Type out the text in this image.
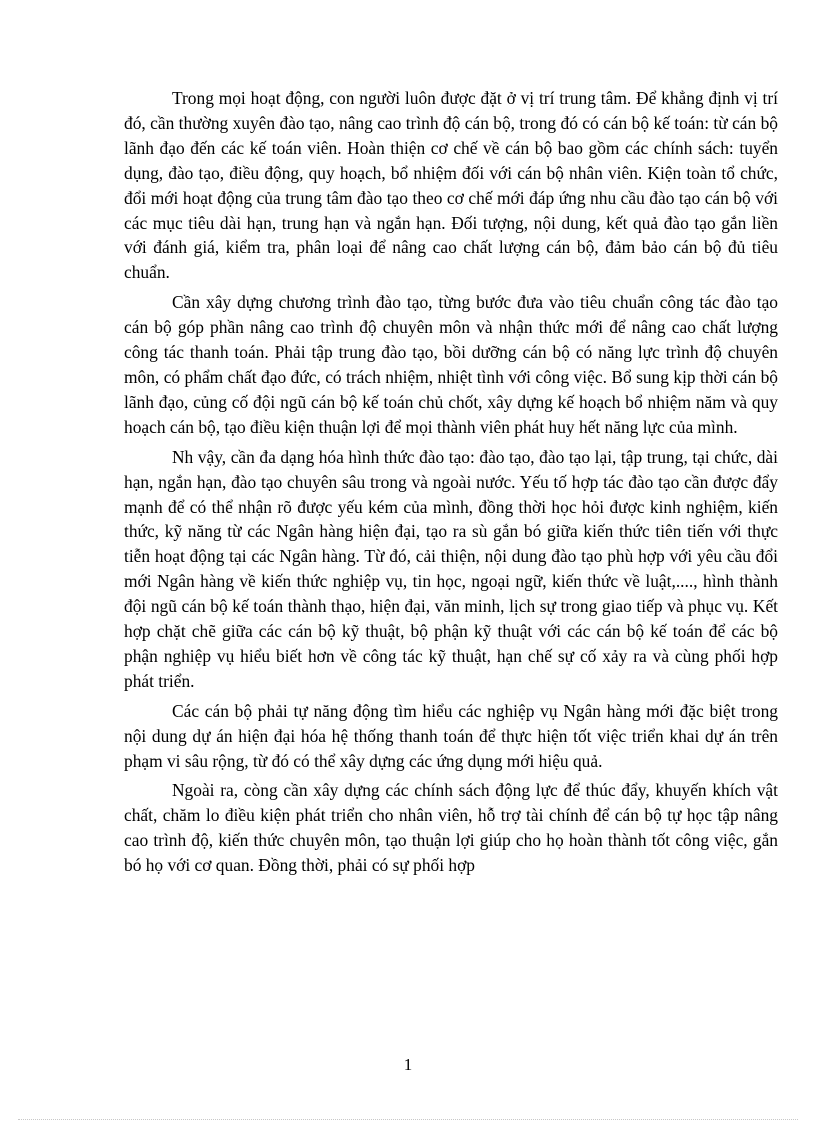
Trong mọi hoạt động, con người luôn được đặt ở vị trí trung tâm. Để khẳng định vị trí đó, cần thường xuyên đào tạo, nâng cao trình độ cán bộ, trong đó có cán bộ kế toán: từ cán bộ lãnh đạo đến các kế toán viên. Hoàn thiện cơ chế về cán bộ bao gồm các chính sách: tuyển dụng, đào tạo, điều động, quy hoạch, bổ nhiệm đối với cán bộ nhân viên. Kiện toàn tổ chức, đổi mới hoạt động của trung tâm đào tạo theo cơ chế mới đáp ứng nhu cầu đào tạo cán bộ với các mục tiêu dài hạn, trung hạn và ngắn hạn. Đối tượng, nội dung, kết quả đào tạo gắn liền với đánh giá, kiểm tra, phân loại để nâng cao chất lượng cán bộ, đảm bảo cán bộ đủ tiêu chuẩn.

Cần xây dựng chương trình đào tạo, từng bước đưa vào tiêu chuẩn công tác đào tạo cán bộ góp phần nâng cao trình độ chuyên môn và nhận thức mới để nâng cao chất lượng công tác thanh toán. Phải tập trung đào tạo, bồi dưỡng cán bộ có năng lực trình độ chuyên môn, có phẩm chất đạo đức, có trách nhiệm, nhiệt tình với công việc. Bổ sung kịp thời cán bộ lãnh đạo, củng cố đội ngũ cán bộ kế toán chủ chốt, xây dựng kế hoạch bổ nhiệm năm và quy hoạch cán bộ, tạo điều kiện thuận lợi để mọi thành viên phát huy hết năng lực của mình.

Nh vậy, cần đa dạng hóa hình thức đào tạo: đào tạo, đào tạo lại, tập trung, tại chức, dài hạn, ngắn hạn, đào tạo chuyên sâu trong và ngoài nước. Yếu tố hợp tác đào tạo cần được đẩy mạnh để có thể nhận rõ được yếu kém của mình, đồng thời học hỏi được kinh nghiệm, kiến thức, kỹ năng từ các Ngân hàng hiện đại, tạo ra sù gắn bó giữa kiến thức tiên tiến với thực tiễn hoạt động tại các Ngân hàng. Từ đó, cải thiện, nội dung đào tạo phù hợp với yêu cầu đổi mới Ngân hàng về kiến thức nghiệp vụ, tin học, ngoại ngữ, kiến thức về luật,...., hình thành đội ngũ cán bộ kế toán thành thạo, hiện đại, văn minh, lịch sự trong giao tiếp và phục vụ. Kết hợp chặt chẽ giữa các cán bộ kỹ thuật, bộ phận kỹ thuật với các cán bộ kế toán để các bộ phận nghiệp vụ hiểu biết hơn về công tác kỹ thuật, hạn chế sự cố xảy ra và cùng phối hợp phát triển.

Các cán bộ phải tự năng động tìm hiểu các nghiệp vụ Ngân hàng mới đặc biệt trong nội dung dự án hiện đại hóa hệ thống thanh toán để thực hiện tốt việc triển khai dự án trên phạm vi sâu rộng, từ đó có thể xây dựng các ứng dụng mới hiệu quả.

Ngoài ra, còng cần xây dựng các chính sách động lực để thúc đẩy, khuyến khích vật chất, chăm lo điều kiện phát triển cho nhân viên, hỗ trợ tài chính để cán bộ tự học tập nâng cao trình độ, kiến thức chuyên môn, tạo thuận lợi giúp cho họ hoàn thành tốt công việc, gắn bó họ với cơ quan. Đồng thời, phải có sự phối hợp

1
